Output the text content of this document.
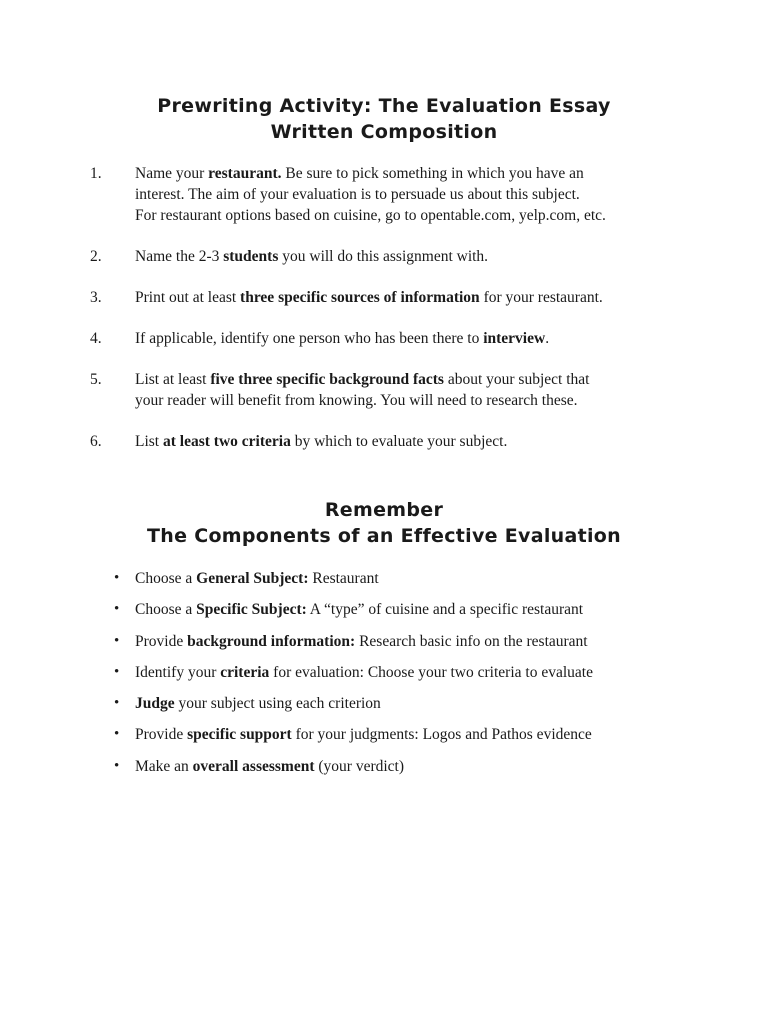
Prewriting Activity: The Evaluation Essay
Written Composition
1. Name your restaurant. Be sure to pick something in which you have an
interest. The aim of your evaluation is to persuade us about this subject.
For restaurant options based on cuisine, go to opentable.com, yelp.com, etc.
2. Name the 2-3 students you will do this assignment with.
3. Print out at least three specific sources of information for your restaurant.
4. If applicable, identify one person who has been there to interview.
5. List at least five three specific background facts about your subject that
your reader will benefit from knowing. You will need to research these.
6. List at least two criteria by which to evaluate your subject.
Remember
The Components of an Effective Evaluation
• Choose a General Subject: Restaurant
• Choose a Specific Subject: A “type” of cuisine and a specific restaurant
• Provide background information: Research basic info on the restaurant
• Identify your criteria for evaluation: Choose your two criteria to evaluate
• Judge your subject using each criterion
• Provide specific support for your judgments: Logos and Pathos evidence
• Make an overall assessment (your verdict)
